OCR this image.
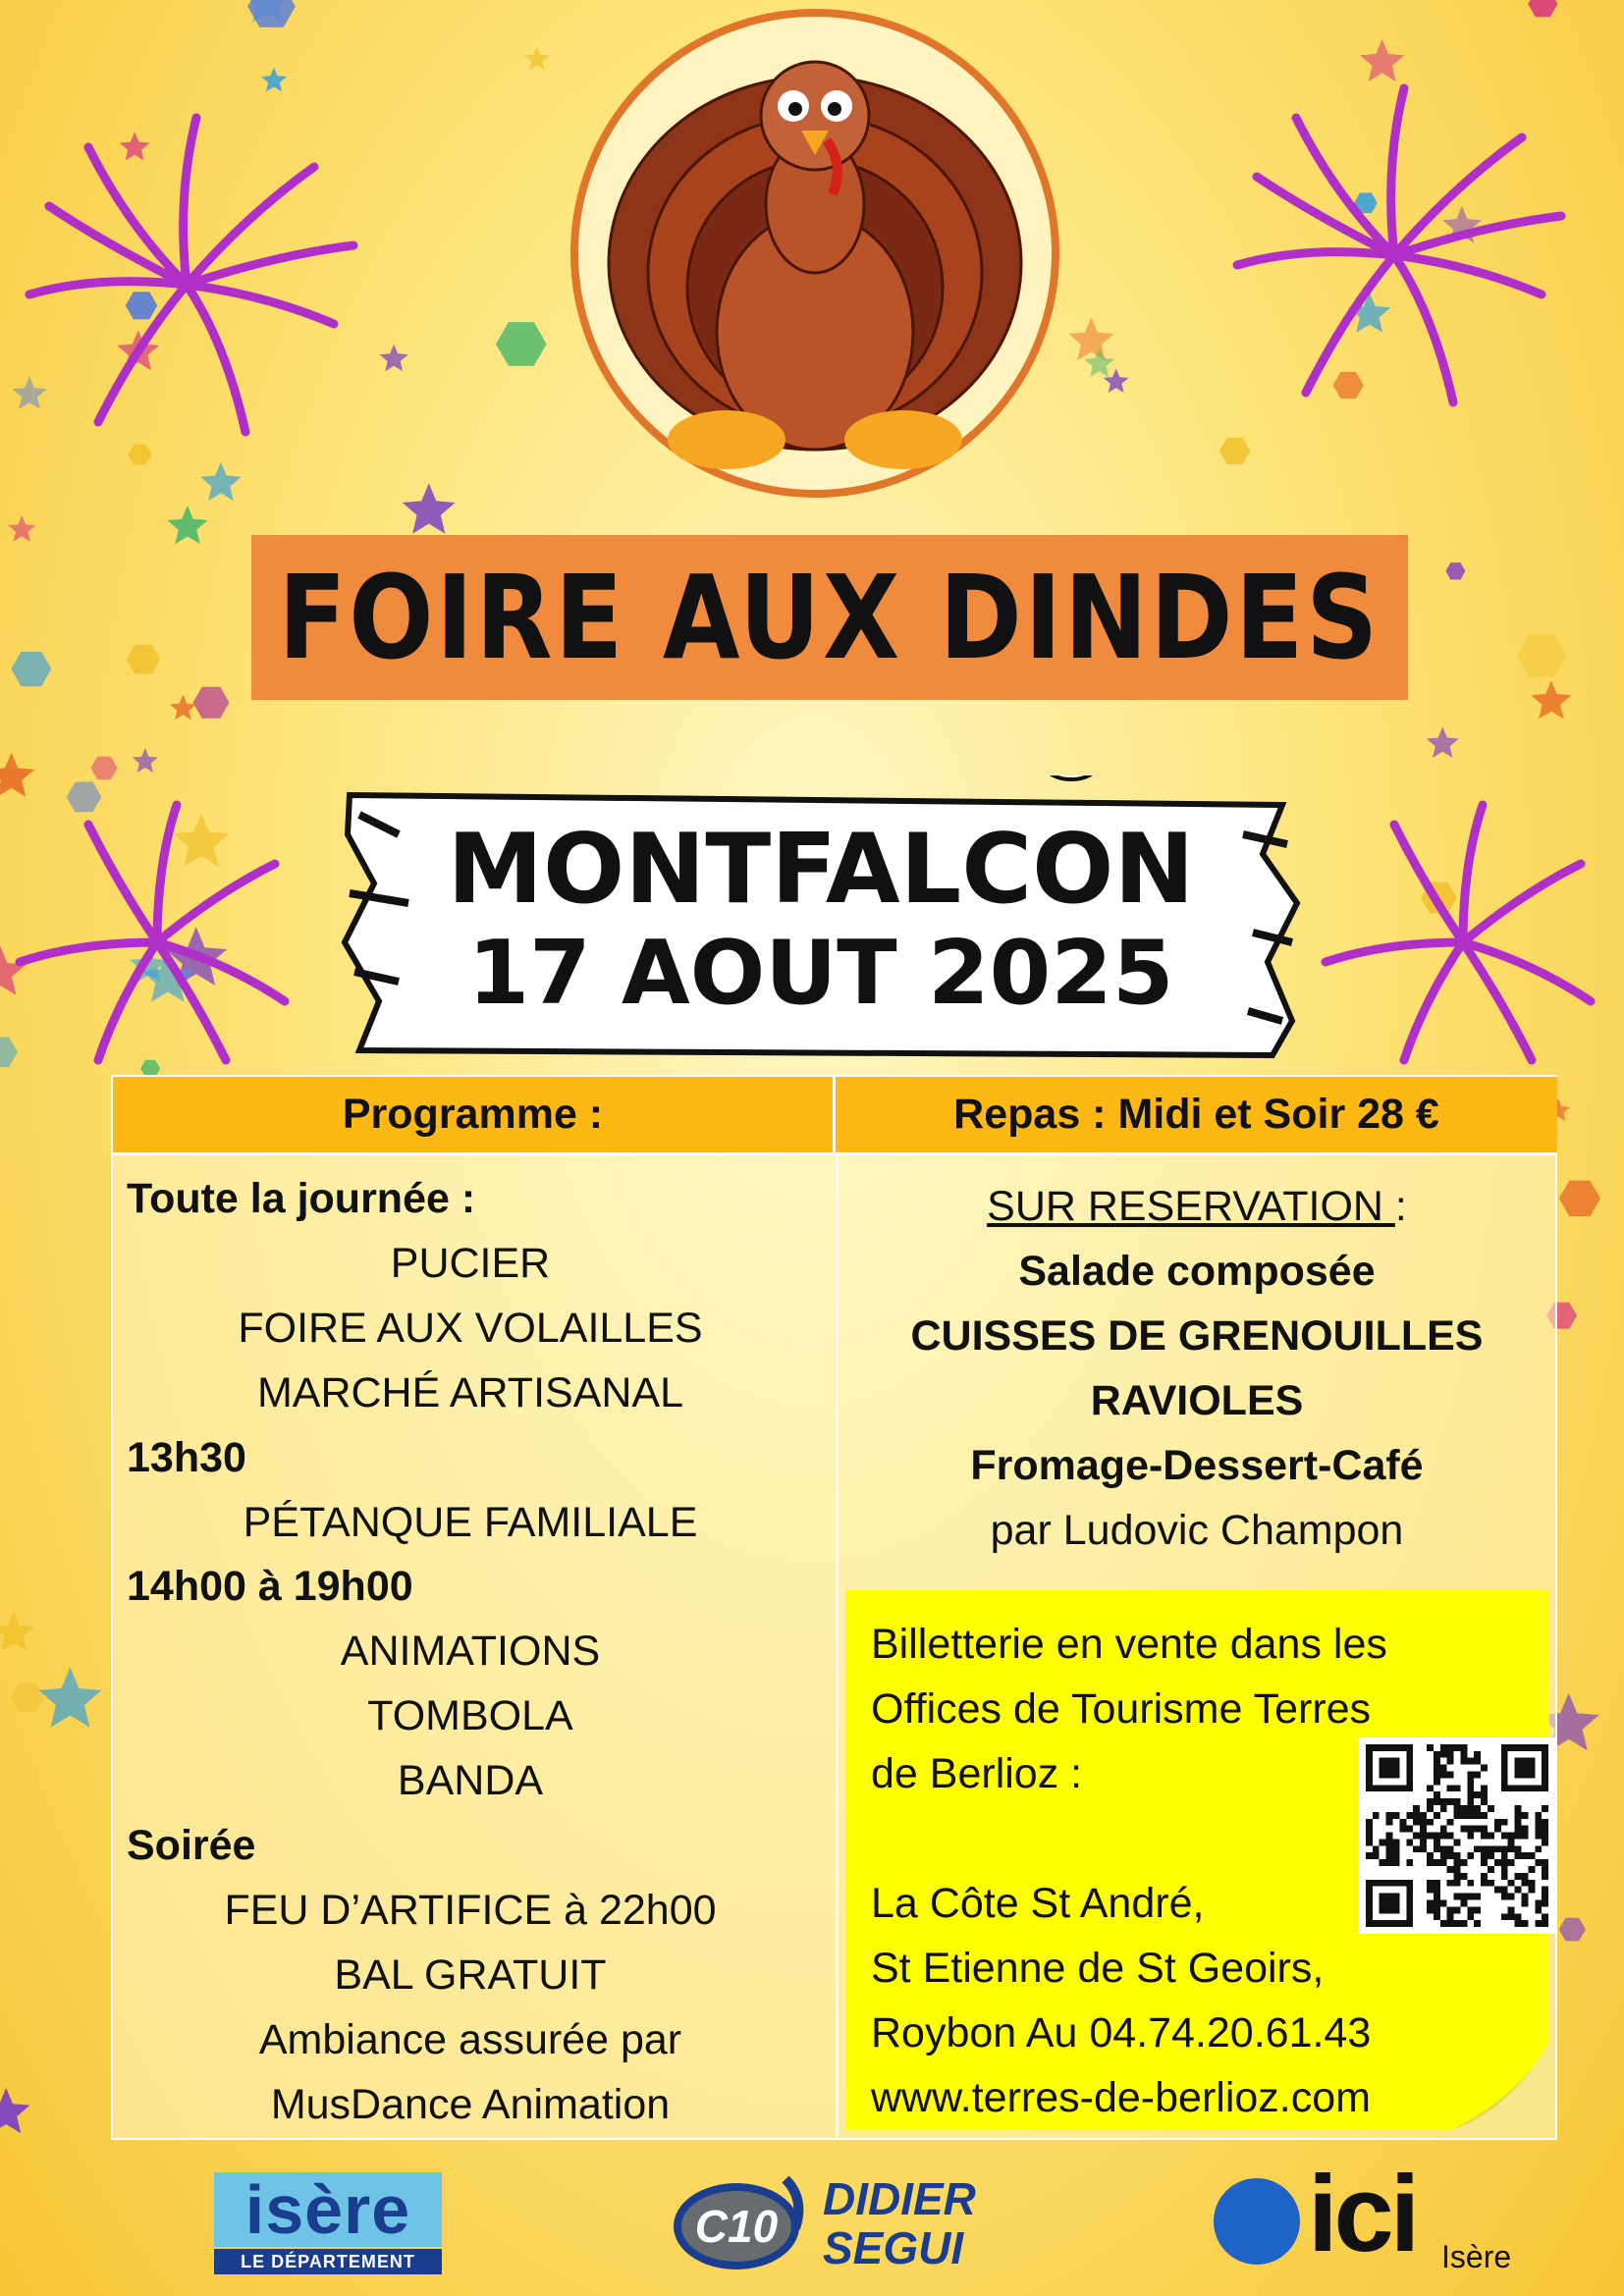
FOIRE AUX DINDES
MONTFALCON
17 AOUT 2025
Programme :	Repas : Midi et Soir 28 €
Toute la journée :
PUCIER
FOIRE AUX VOLAILLES
MARCHÉ ARTISANAL
13h30
PÉTANQUE FAMILIALE
14h00 à 19h00
ANIMATIONS
TOMBOLA
BANDA
Soirée
FEU D’ARTIFICE à 22h00
BAL GRATUIT
Ambiance assurée par
MusDance Animation
SUR RESERVATION :
Salade composée
CUISSES DE GRENOUILLES
RAVIOLES
Fromage-Dessert-Café
par Ludovic Champon
Billetterie en vente dans les
Offices de Tourisme Terres
de Berlioz :

La Côte St André,
St Etienne de St Geoirs,
Roybon Au 04.74.20.61.43
www.terres-de-berlioz.com
isère
LE DÉPARTEMENT
C10
DIDIER
SEGUI	ici Isère
